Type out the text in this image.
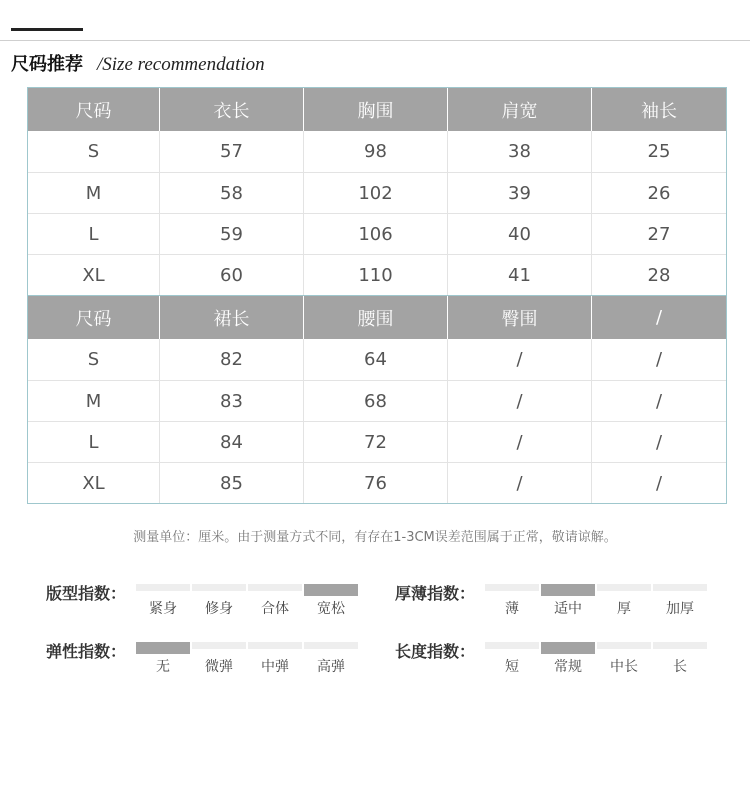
尺码推荐 /Size recommendation
尺码	衣长	胸围	肩宽	袖长
S	57	98	38	25
M	58	102	39	26
L	59	106	40	27
XL	60	110	41	28
尺码	裙长	腰围	臀围	/
S	82	64	/	/
M	83	68	/	/
L	84	72	/	/
XL	85	76	/	/
测量单位：厘米。由于测量方式不同，有存在1-3CM误差范围属于正常，敬请谅解。
版型指数：
紧身 修身 合体 宽松
厚薄指数：
薄	适中	厚	加厚
弹性指数：
无	微弹 中弹 高弹
长度指数：
短	常规 中长	长
